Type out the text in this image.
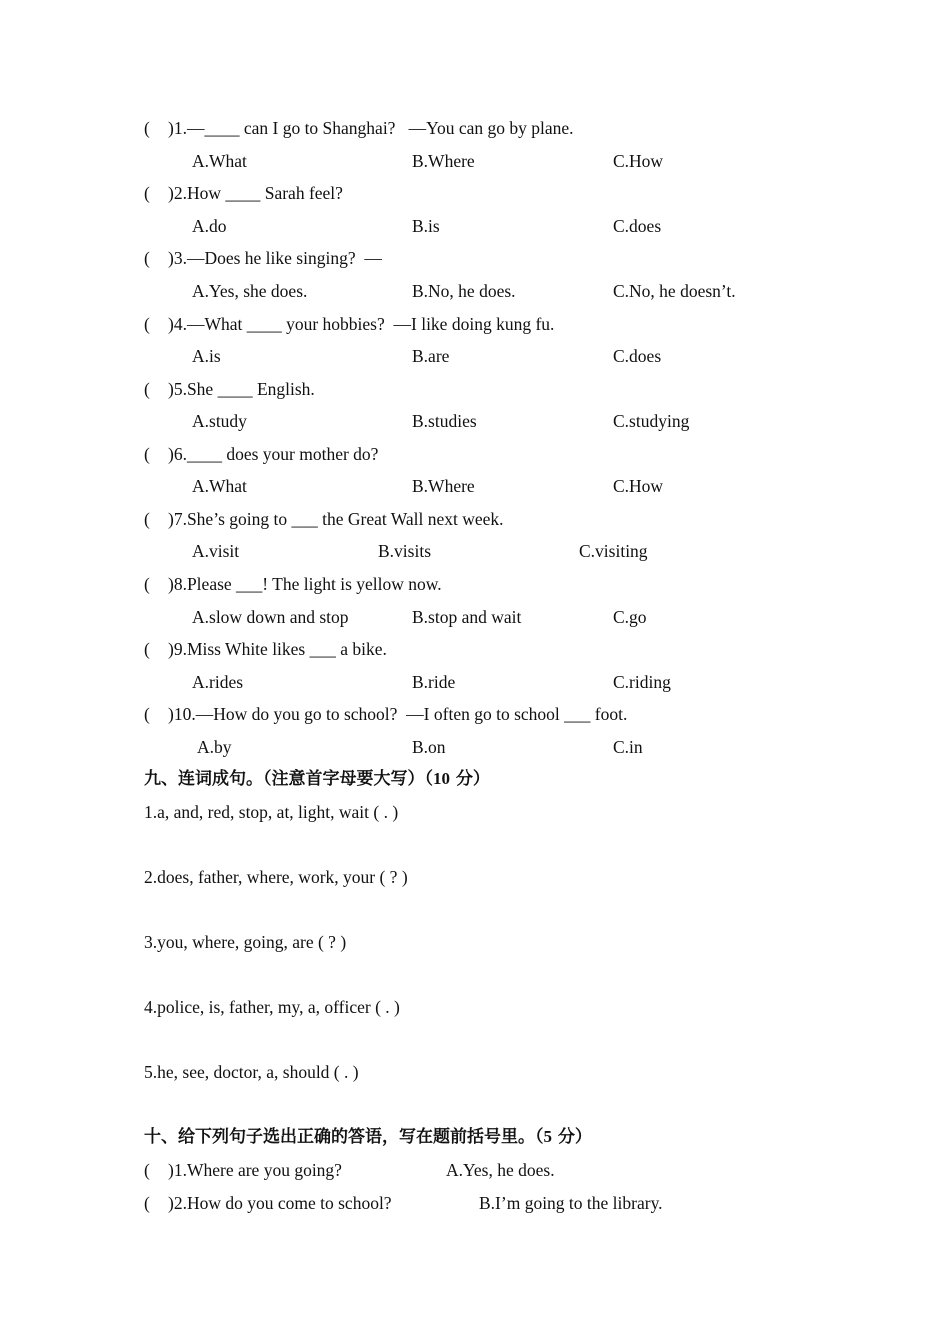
( )1.—____ can I go to Shanghai?   —You can go by plane.
A.What	B.Where	C.How
( )2.How ____ Sarah feel?
A.do	B.is	C.does
( )3.—Does he like singing?  —
A.Yes, she does.	B.No, he does.	C.No, he doesn’t.
( )4.—What ____ your hobbies?  —I like doing kung fu.
A.is	B.are	C.does
( )5.She ____ English.
A.study	B.studies	C.studying
( )6.____ does your mother do?
A.What	B.Where	C.How
( )7.She’s going to ___ the Great Wall next week.
A.visit	B.visits	C.visiting
( )8.Please ___! The light is yellow now.
A.slow down and stop	B.stop and wait	C.go
( )9.Miss White likes ___ a bike.
A.rides	B.ride	C.riding
( )10.—How do you go to school?  —I often go to school ___ foot.
A.by	B.on	C.in
九、连词成句。（注意首字母要大写）（10 分）
1.a, and, red, stop, at, light, wait ( . )
2.does, father, where, work, your ( ? )
3.you, where, going, are ( ? )
4.police, is, father, my, a, officer ( . )
5.he, see, doctor, a, should ( . )
十、给下列句子选出正确的答语，写在题前括号里。（5 分）
( )1.Where are you going?	A.Yes, he does.
( )2.How do you come to school?	B.I’m going to the library.
